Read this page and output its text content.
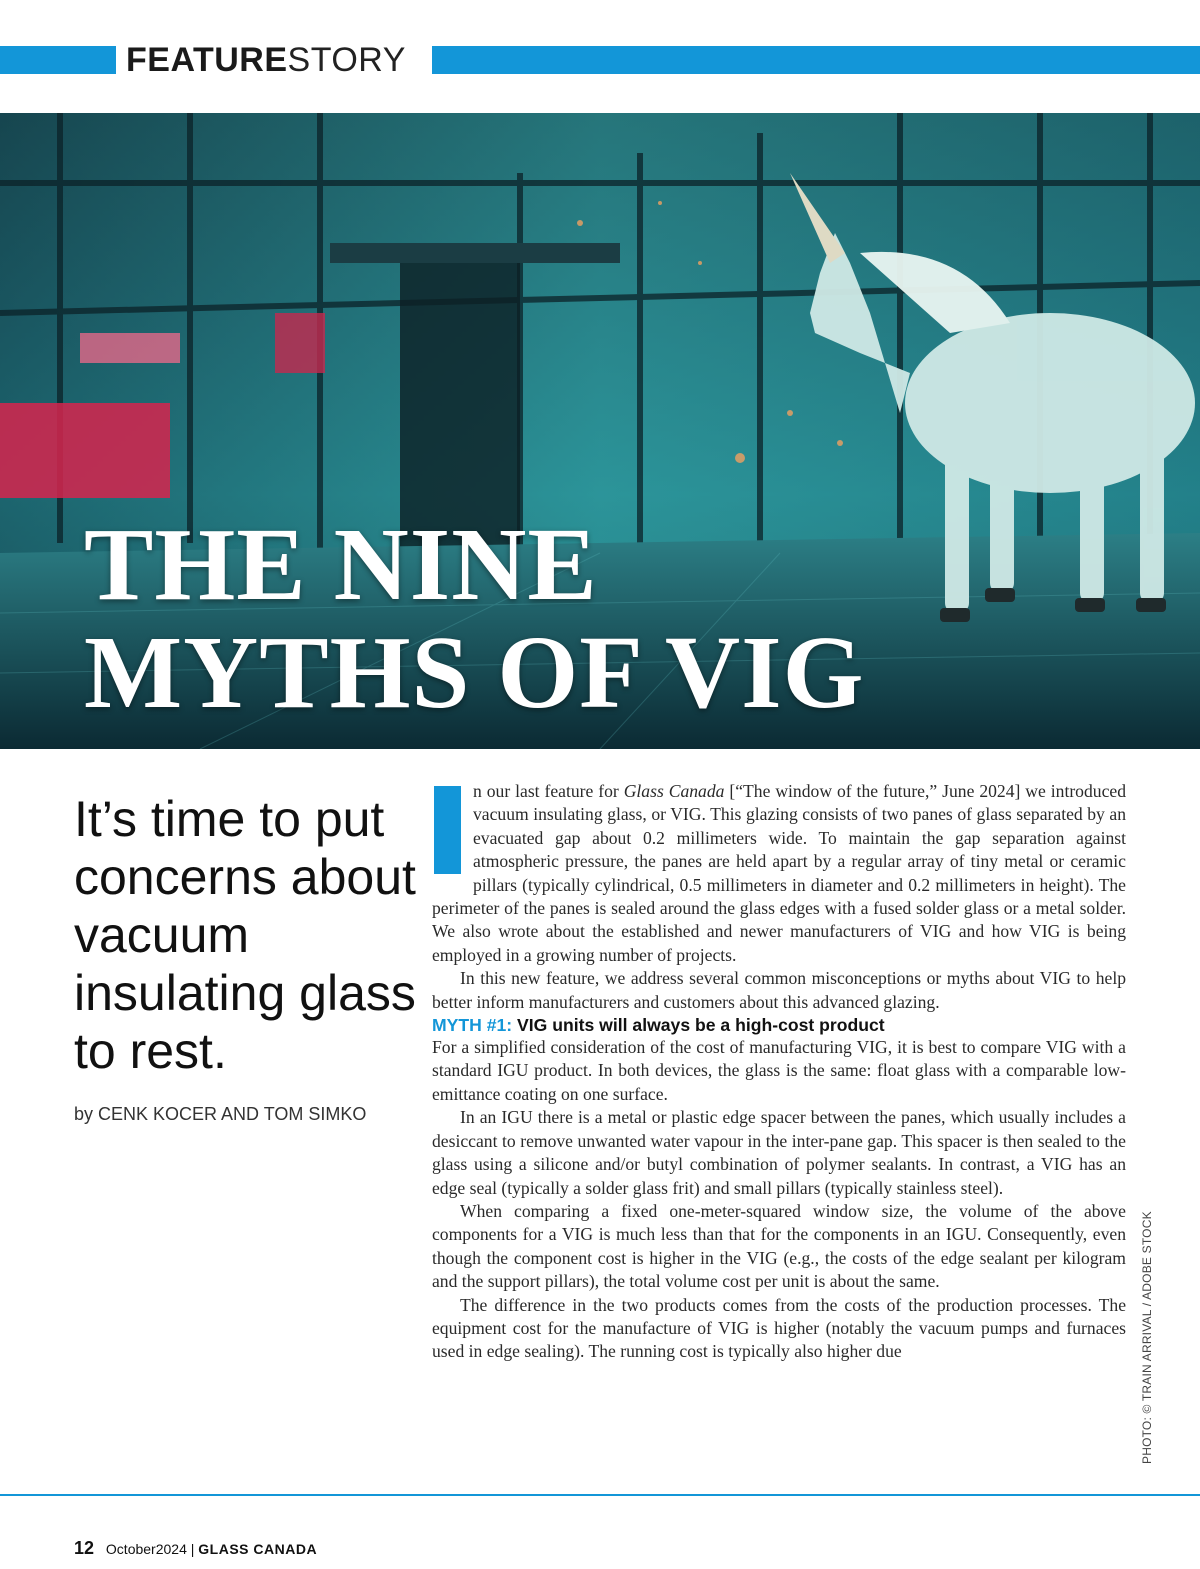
FEATURESTORY
THE NINE
MYTHS OF VIG
It’s time to put concerns about vacuum insulating glass to rest.
by CENK KOCER AND TOM SIMKO

n our last feature for Glass Canada [“The window of the future,” June 2024] we introduced vacuum insulating glass, or VIG. This glazing consists of two panes of glass separated by an evacuated gap about 0.2 millimeters wide. To maintain the gap separation against atmospheric pressure, the panes are held apart by a regular array of tiny metal or ceramic pillars (typically cylindrical, 0.5 millimeters in diameter and 0.2 millimeters in height). The perimeter of the panes is sealed around the glass edges with a fused solder glass or a metal solder. We also wrote about the established and newer manufacturers of VIG and how VIG is being employed in a growing number of projects.

In this new feature, we address several common misconceptions or myths about VIG to help better inform manufacturers and customers about this advanced glazing.

MYTH #1: VIG units will always be a high-cost product

For a simplified consideration of the cost of manufacturing VIG, it is best to compare VIG with a standard IGU product. In both devices, the glass is the same: float glass with a comparable low-emittance coating on one surface.

In an IGU there is a metal or plastic edge spacer between the panes, which usually includes a desiccant to remove unwanted water vapour in the inter-pane gap. This spacer is then sealed to the glass using a silicone and/or butyl combination of polymer sealants. In contrast, a VIG has an edge seal (typically a solder glass frit) and small pillars (typically stainless steel).

When comparing a fixed one-meter-squared window size, the volume of the above components for a VIG is much less than that for the components in an IGU. Consequently, even though the component cost is higher in the VIG (e.g., the costs of the edge sealant per kilogram and the support pillars), the total volume cost per unit is about the same.

The difference in the two products comes from the costs of the production processes. The equipment cost for the manufacture of VIG is higher (notably the vacuum pumps and furnaces used in edge sealing). The running cost is typically also higher due	PHOTO: © TRAIN ARRIVAL / ADOBE STOCK
12 October2024 | GLASS CANADA
